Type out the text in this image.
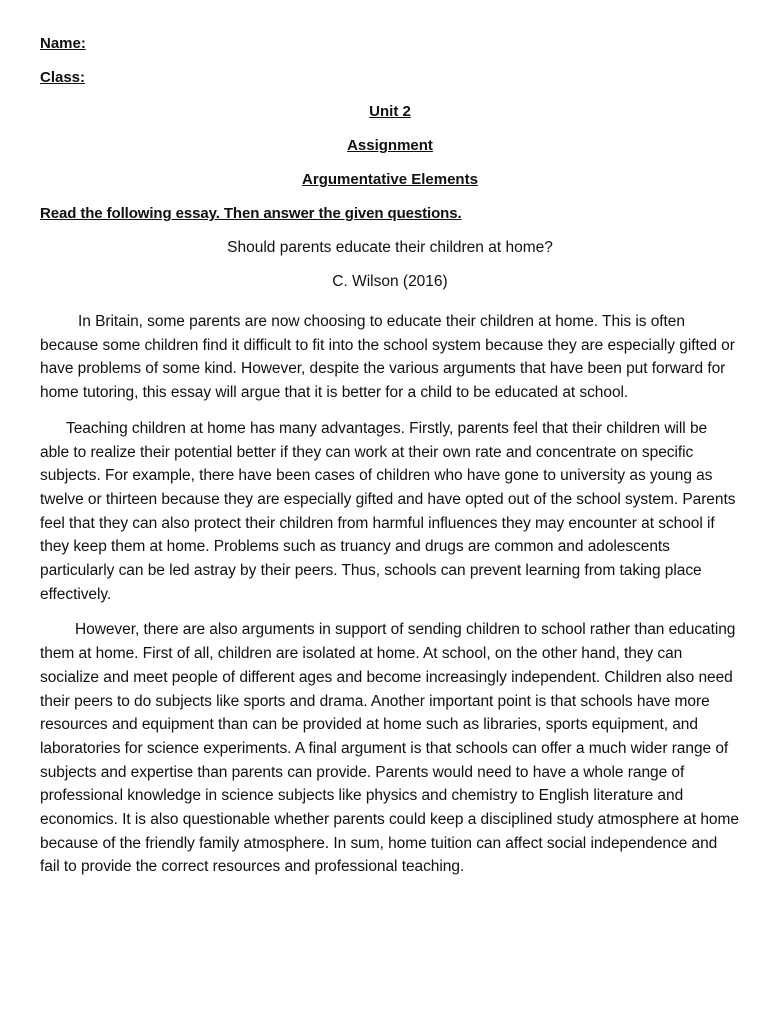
Name:

Class:

Unit 2

Assignment

Argumentative Elements

Read the following essay. Then answer the given questions.

Should parents educate their children at home?

C. Wilson (2016)

In Britain, some parents are now choosing to educate their children at home. This is often because some children find it difficult to fit into the school system because they are especially gifted or have problems of some kind. However, despite the various arguments that have been put forward for home tutoring, this essay will argue that it is better for a child to be educated at school.

Teaching children at home has many advantages. Firstly, parents feel that their children will be able to realize their potential better if they can work at their own rate and concentrate on specific subjects. For example, there have been cases of children who have gone to university as young as twelve or thirteen because they are especially gifted and have opted out of the school system. Parents feel that they can also protect their children from harmful influences they may encounter at school if they keep them at home. Problems such as truancy and drugs are common and adolescents particularly can be led astray by their peers. Thus, schools can prevent learning from taking place effectively.

However, there are also arguments in support of sending children to school rather than educating them at home. First of all, children are isolated at home. At school, on the other hand, they can socialize and meet people of different ages and become increasingly independent. Children also need their peers to do subjects like sports and drama. Another important point is that schools have more resources and equipment than can be provided at home such as libraries, sports equipment, and laboratories for science experiments. A final argument is that schools can offer a much wider range of subjects and expertise than parents can provide. Parents would need to have a whole range of professional knowledge in science subjects like physics and chemistry to English literature and economics. It is also questionable whether parents could keep a disciplined study atmosphere at home because of the friendly family atmosphere. In sum, home tuition can affect social independence and fail to provide the correct resources and professional teaching.
